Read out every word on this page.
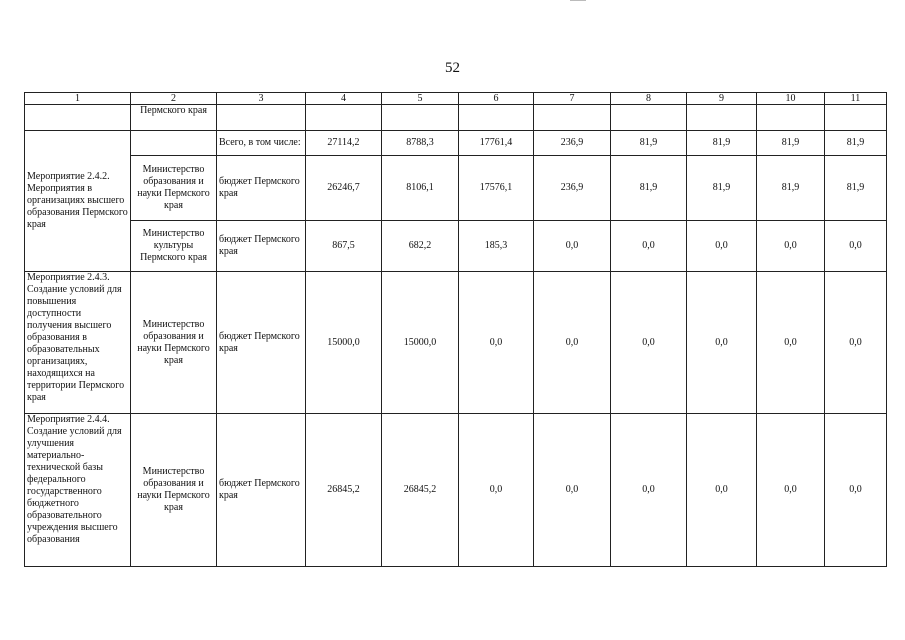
52
1	2	3	4	5	6	7	8	9	10	11
	Пермского края									
Мероприятие 2.4.2. Мероприятия в организациях высшего образования Пермского края		Всего, в том числе:	27114,2	8788,3	17761,4	236,9	81,9	81,9	81,9	81,9
	Министерство образования и науки Пермского края	бюджет Пермского края	26246,7	8106,1	17576,1	236,9	81,9	81,9	81,9	81,9
	Министерство культуры Пермского края	бюджет Пермского края	867,5	682,2	185,3	0,0	0,0	0,0	0,0	0,0
Мероприятие 2.4.3. Создание условий для повышения доступности получения высшего образования в образовательных организациях, находящихся на территории Пермского края	Министерство образования и науки Пермского края	бюджет Пермского края	15000,0	15000,0	0,0	0,0	0,0	0,0	0,0	0,0
Мероприятие 2.4.4. Создание условий для улучшения материально-технической базы федерального государственного бюджетного образовательного учреждения высшего образования	Министерство образования и науки Пермского края	бюджет Пермского края	26845,2	26845,2	0,0	0,0	0,0	0,0	0,0	0,0
